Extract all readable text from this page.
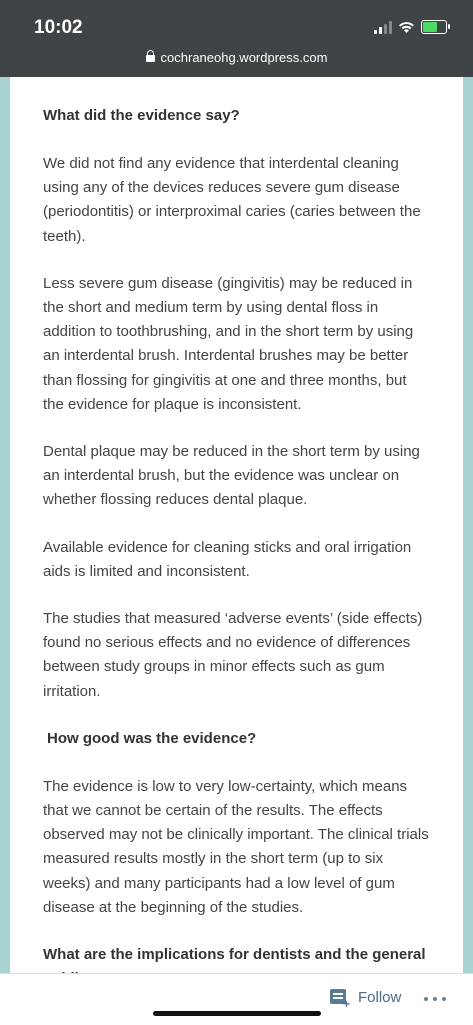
10:02
cochraneohg.wordpress.com
What did the evidence say?

We did not find any evidence that interdental cleaning using any of the devices reduces severe gum disease (periodontitis) or interproximal caries (caries between the teeth).

Less severe gum disease (gingivitis) may be reduced in the short and medium term by using dental floss in addition to toothbrushing, and in the short term by using an interdental brush. Interdental brushes may be better than flossing for gingivitis at one and three months, but the evidence for plaque is inconsistent.

Dental plaque may be reduced in the short term by using an interdental brush, but the evidence was unclear on whether flossing reduces dental plaque.

Available evidence for cleaning sticks and oral irrigation aids is limited and inconsistent.

The studies that measured ‘adverse events’ (side effects) found no serious effects and no evidence of differences between study groups in minor effects such as gum irritation.

How good was the evidence?

The evidence is low to very low-certainty, which means that we cannot be certain of the results. The effects observed may not be clinically important. The clinical trials measured results mostly in the short term (up to six weeks) and many participants had a low level of gum disease at the beginning of the studies.

What are the implications for dentists and the general
+ Follow
